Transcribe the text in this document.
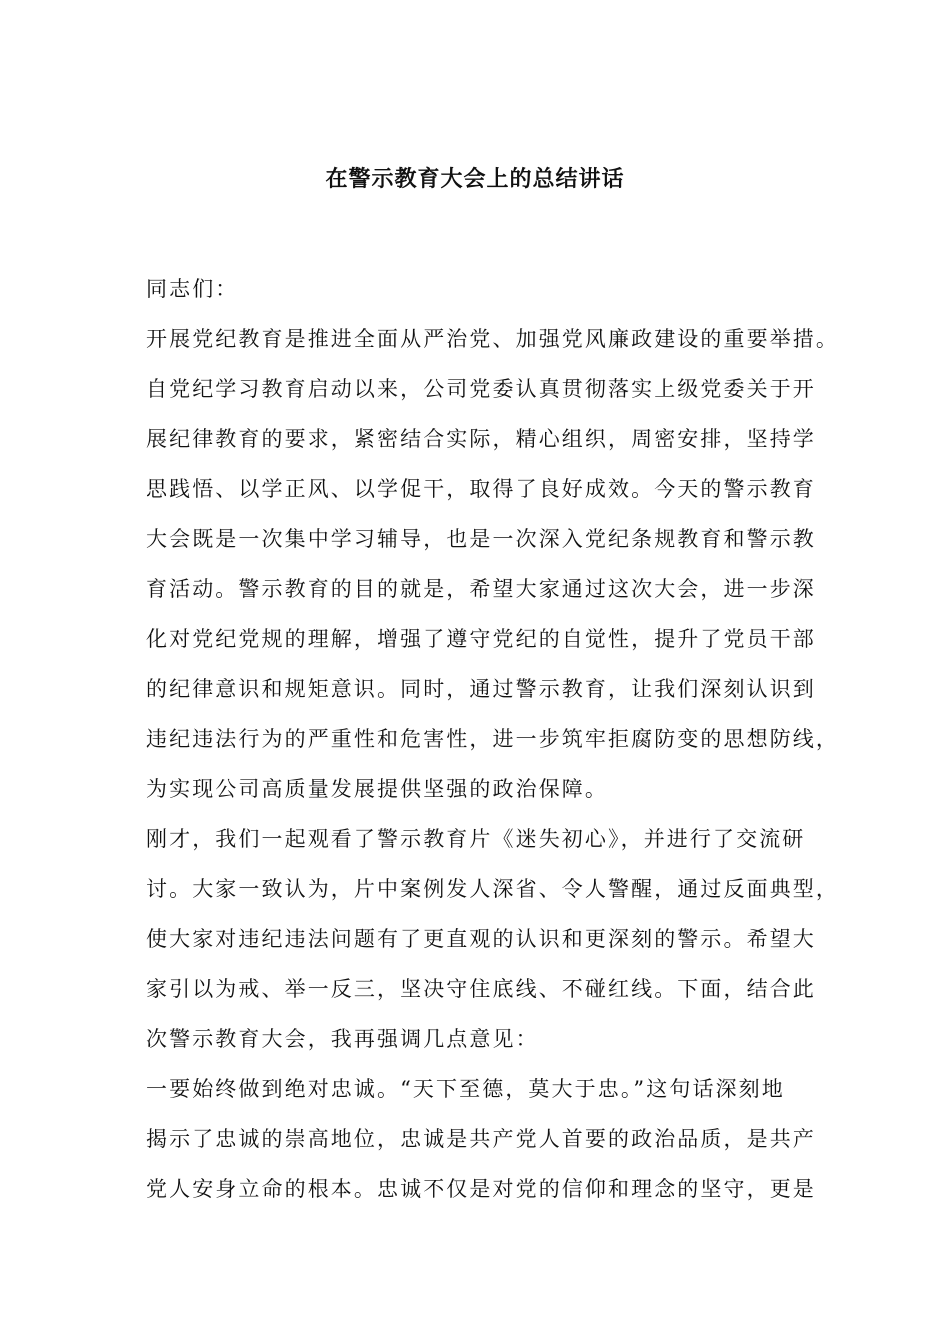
在警示教育大会上的总结讲话
同志们：
开展党纪教育是推进全面从严治党、加强党风廉政建设的重要举措。
自党纪学习教育启动以来，公司党委认真贯彻落实上级党委关于开
展纪律教育的要求，紧密结合实际，精心组织，周密安排，坚持学
思践悟、以学正风、以学促干，取得了良好成效。今天的警示教育
大会既是一次集中学习辅导，也是一次深入党纪条规教育和警示教
育活动。警示教育的目的就是，希望大家通过这次大会，进一步深
化对党纪党规的理解，增强了遵守党纪的自觉性，提升了党员干部
的纪律意识和规矩意识。同时，通过警示教育，让我们深刻认识到
违纪违法行为的严重性和危害性，进一步筑牢拒腐防变的思想防线，
为实现公司高质量发展提供坚强的政治保障。
刚才，我们一起观看了警示教育片《迷失初心》，并进行了交流研
讨。大家一致认为，片中案例发人深省、令人警醒，通过反面典型，
使大家对违纪违法问题有了更直观的认识和更深刻的警示。希望大
家引以为戒、举一反三，坚决守住底线、不碰红线。下面，结合此
次警示教育大会，我再强调几点意见：
一要始终做到绝对忠诚。“天下至德，莫大于忠。”这句话深刻地
揭示了忠诚的崇高地位，忠诚是共产党人首要的政治品质，是共产
党人安身立命的根本。忠诚不仅是对党的信仰和理念的坚守，更是
